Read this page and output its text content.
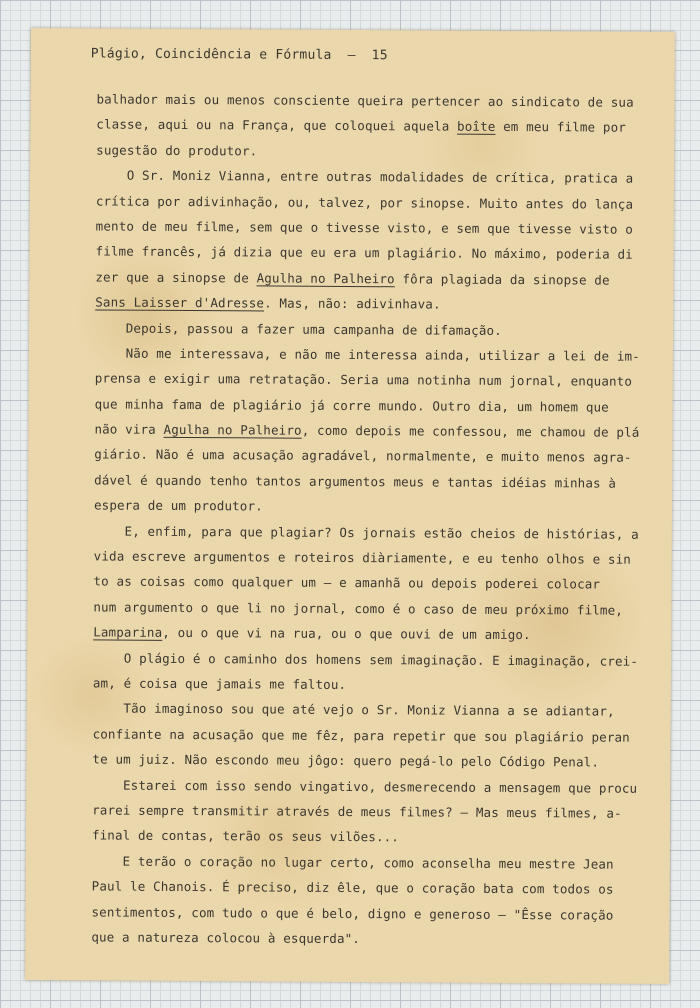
Plágio, Coincidência e Fórmula  —  15
balhador mais ou menos consciente queira pertencer ao sindicato de sua
classe, aqui ou na França, que coloquei aquela boîte em meu filme por
sugestão do produtor.
O Sr. Moniz Vianna, entre outras modalidades de crítica, pratica a
crítica por adivinhação, ou, talvez, por sinopse. Muito antes do lança
mento de meu filme, sem que o tivesse visto, e sem que tivesse visto o
filme francês, já dizia que eu era um plagiário. No máximo, poderia di
zer que a sinopse de Agulha no Palheiro fôra plagiada da sinopse de
Sans Laisser d'Adresse. Mas, não: adivinhava.
Depois, passou a fazer uma campanha de difamação.
Não me interessava, e não me interessa ainda, utilizar a lei de im-
prensa e exigir uma retratação. Seria uma notinha num jornal, enquanto
que minha fama de plagiário já corre mundo. Outro dia, um homem que
não vira Agulha no Palheiro, como depois me confessou, me chamou de plá
giário. Não é uma acusação agradável, normalmente, e muito menos agra-
dável é quando tenho tantos argumentos meus e tantas idéias minhas à
espera de um produtor.
E, enfim, para que plagiar? Os jornais estão cheios de histórias, a
vida escreve argumentos e roteiros diàriamente, e eu tenho olhos e sin
to as coisas como qualquer um — e amanhã ou depois poderei colocar
num argumento o que li no jornal, como é o caso de meu próximo filme,
Lamparina, ou o que vi na rua, ou o que ouvi de um amigo.
O plágio é o caminho dos homens sem imaginação. E imaginação, crei-
am, é coisa que jamais me faltou.
Tão imaginoso sou que até vejo o Sr. Moniz Vianna a se adiantar,
confiante na acusação que me fêz, para repetir que sou plagiário peran
te um juiz. Não escondo meu jôgo: quero pegá-lo pelo Código Penal.
Estarei com isso sendo vingativo, desmerecendo a mensagem que procu
rarei sempre transmitir através de meus filmes? — Mas meus filmes, a-
final de contas, terão os seus vilões...
E terão o coração no lugar certo, como aconselha meu mestre Jean
Paul le Chanois. É preciso, diz êle, que o coração bata com todos os
sentimentos, com tudo o que é belo, digno e generoso — "Êsse coração
que a natureza colocou à esquerda".
